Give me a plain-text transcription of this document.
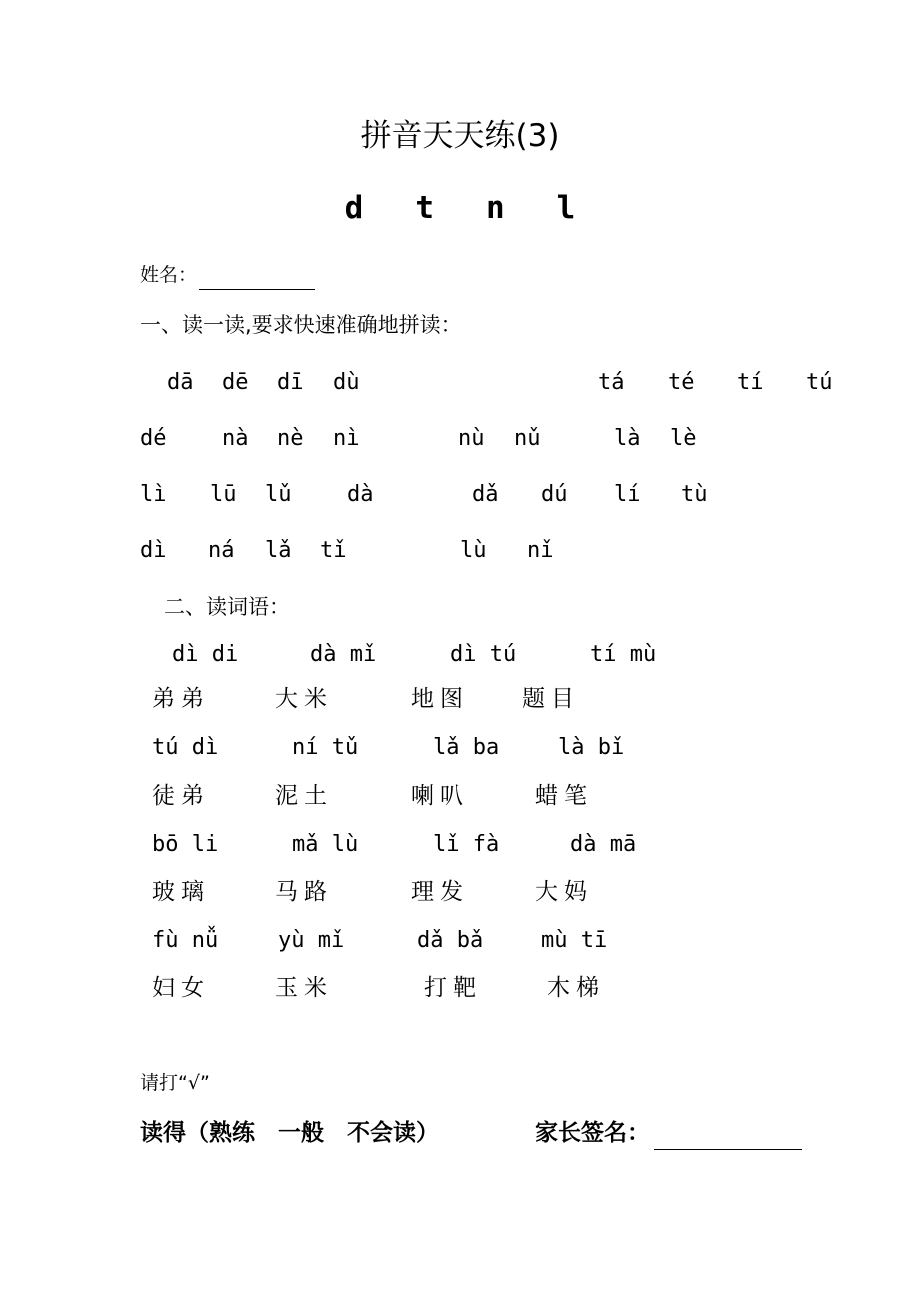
拼音天天练(3)
d t n l
姓名：
一、读一读,要求快速准确地拼读：
dā dē dī dù	tá té tí tú
dé	nà nè nì	nù nǔ	là lè
lì lū lǔ	dà	dǎ dú lí tù
dì ná lǎ tǐ	lù nǐ
二、读词语：
dì di	dà mǐ	dì tú	tí mù
弟弟	大米	地图 题目
tú dì	ní tǔ	lǎ ba	là bǐ
徒弟	泥土	喇叭	蜡笔
bō li	mǎ lù	lǐ fà	dà mā
玻璃	马路	理发	大妈
fù nǚ	yù mǐ	dǎ bǎ	mù tī
妇女	玉米	打靶	木梯
请打“√”
读得（熟练　一般　不会读）	家长签名：
